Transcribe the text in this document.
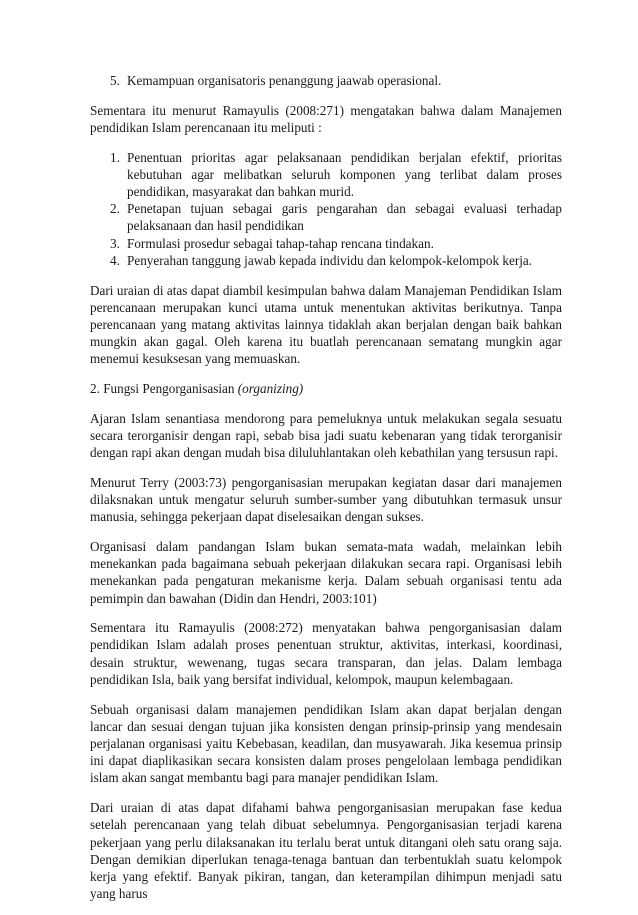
5. Kemampuan organisatoris penanggung jaawab operasional.

Sementara itu menurut Ramayulis (2008:271) mengatakan bahwa dalam Manajemen pendidikan Islam perencanaan itu meliputi :

1. Penentuan prioritas agar pelaksanaan pendidikan berjalan efektif, prioritas kebutuhan agar melibatkan seluruh komponen yang terlibat dalam proses pendidikan, masyarakat dan bahkan murid.
2. Penetapan tujuan sebagai garis pengarahan dan sebagai evaluasi terhadap pelaksanaan dan hasil pendidikan
3. Formulasi prosedur sebagai tahap-tahap rencana tindakan.
4. Penyerahan tanggung jawab kepada individu dan kelompok-kelompok kerja.

Dari uraian di atas dapat diambil kesimpulan bahwa dalam Manajeman Pendidikan Islam perencanaan merupakan kunci utama untuk menentukan aktivitas berikutnya. Tanpa perencanaan yang matang aktivitas lainnya tidaklah akan berjalan dengan baik bahkan mungkin akan gagal. Oleh karena itu buatlah perencanaan sematang mungkin agar menemui kesuksesan yang memuaskan.

2. Fungsi Pengorganisasian (organizing)

Ajaran Islam senantiasa mendorong para pemeluknya untuk melakukan segala sesuatu secara terorganisir dengan rapi, sebab bisa jadi suatu kebenaran yang tidak terorganisir dengan rapi akan dengan mudah bisa diluluhlantakan oleh kebathilan yang tersusun rapi.

Menurut Terry (2003:73) pengorganisasian merupakan kegiatan dasar dari manajemen dilaksnakan untuk mengatur seluruh sumber-sumber yang dibutuhkan termasuk unsur manusia, sehingga pekerjaan dapat diselesaikan dengan sukses.

Organisasi dalam pandangan Islam bukan semata-mata wadah, melainkan lebih menekankan pada bagaimana sebuah pekerjaan dilakukan secara rapi. Organisasi lebih menekankan pada pengaturan mekanisme kerja. Dalam sebuah organisasi tentu ada pemimpin dan bawahan (Didin dan Hendri, 2003:101)

Sementara itu Ramayulis (2008:272) menyatakan bahwa pengorganisasian dalam pendidikan Islam adalah proses penentuan struktur, aktivitas, interkasi, koordinasi, desain struktur, wewenang, tugas secara transparan, dan jelas. Dalam lembaga pendidikan Isla, baik yang bersifat individual, kelompok, maupun kelembagaan.

Sebuah organisasi dalam manajemen pendidikan Islam akan dapat berjalan dengan lancar dan sesuai dengan tujuan jika konsisten dengan prinsip-prinsip yang mendesain perjalanan organisasi yaitu Kebebasan, keadilan, dan musyawarah. Jika kesemua prinsip ini dapat diaplikasikan secara konsisten dalam proses pengelolaan lembaga pendidikan islam akan sangat membantu bagi para manajer pendidikan Islam.

Dari uraian di atas dapat difahami bahwa pengorganisasian merupakan fase kedua setelah perencanaan yang telah dibuat sebelumnya. Pengorganisasian terjadi karena pekerjaan yang perlu dilaksanakan itu terlalu berat untuk ditangani oleh satu orang saja. Dengan demikian diperlukan tenaga-tenaga bantuan dan terbentuklah suatu kelompok kerja yang efektif. Banyak pikiran, tangan, dan keterampilan dihimpun menjadi satu yang harus
